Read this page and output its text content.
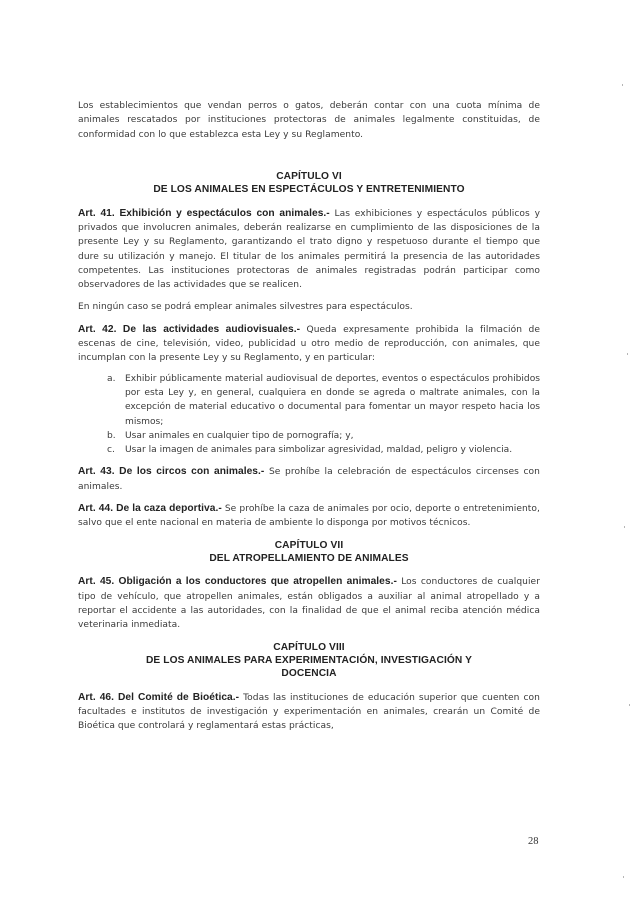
Los establecimientos que vendan perros o gatos, deberán contar con una cuota mínima de animales rescatados por instituciones protectoras de animales legalmente constituidas, de conformidad con lo que establezca esta Ley y su Reglamento.

CAPÍTULO VI
DE LOS ANIMALES EN ESPECTÁCULOS Y ENTRETENIMIENTO

Art. 41. Exhibición y espectáculos con animales.- Las exhibiciones y espectáculos públicos y privados que involucren animales, deberán realizarse en cumplimiento de las disposiciones de la presente Ley y su Reglamento, garantizando el trato digno y respetuoso durante el tiempo que dure su utilización y manejo. El titular de los animales permitirá la presencia de las autoridades competentes. Las instituciones protectoras de animales registradas podrán participar como observadores de las actividades que se realicen.

En ningún caso se podrá emplear animales silvestres para espectáculos.

Art. 42. De las actividades audiovisuales.- Queda expresamente prohibida la filmación de escenas de cine, televisión, video, publicidad u otro medio de reproducción, con animales, que incumplan con la presente Ley y su Reglamento, y en particular:

a. Exhibir públicamente material audiovisual de deportes, eventos o espectáculos prohibidos por esta Ley y, en general, cualquiera en donde se agreda o maltrate animales, con la excepción de material educativo o documental para fomentar un mayor respeto hacia los mismos;
b. Usar animales en cualquier tipo de pornografía; y,
c. Usar la imagen de animales para simbolizar agresividad, maldad, peligro y violencia.

Art. 43. De los circos con animales.- Se prohíbe la celebración de espectáculos circenses con animales.

Art. 44. De la caza deportiva.- Se prohíbe la caza de animales por ocio, deporte o entretenimiento, salvo que el ente nacional en materia de ambiente lo disponga por motivos técnicos.

CAPÍTULO VII
DEL ATROPELLAMIENTO DE ANIMALES

Art. 45. Obligación a los conductores que atropellen animales.- Los conductores de cualquier tipo de vehículo, que atropellen animales, están obligados a auxiliar al animal atropellado y a reportar el accidente a las autoridades, con la finalidad de que el animal reciba atención médica veterinaria inmediata.

CAPÍTULO VIII
DE LOS ANIMALES PARA EXPERIMENTACIÓN, INVESTIGACIÓN Y
DOCENCIA

Art. 46. Del Comité de Bioética.- Todas las instituciones de educación superior que cuenten con facultades e institutos de investigación y experimentación en animales, crearán un Comité de Bioética que controlará y reglamentará estas prácticas,

28
